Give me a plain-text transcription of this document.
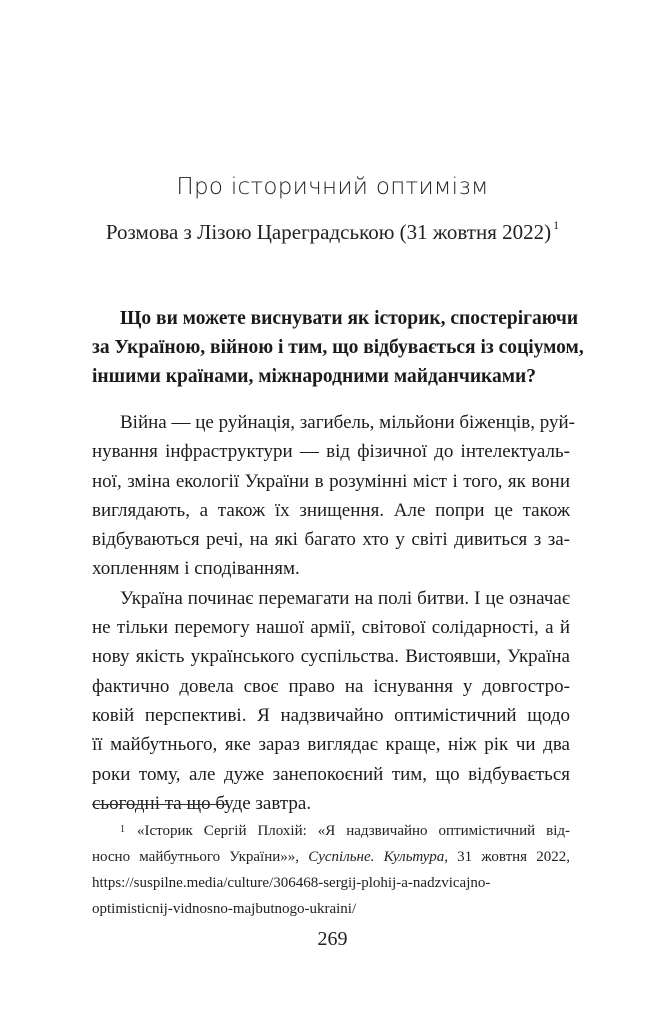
Про історичний оптимізм
Розмова з Лізою Цареградською (31 жовтня 2022) $^1$
Що ви можете виснувати як історик, спостерігаючи
за Україною, війною і тим, що відбувається із соціумом,
іншими країнами, міжнародними майданчиками?
Війна — це руйнація, загибель, мільйони біженців, руй-
нування інфраструктури — від фізичної до інтелектуаль-
ної, зміна екології України в розумінні міст і того, як вони
виглядають, а також їх знищення. Але попри це також
відбуваються речі, на які багато хто у світі дивиться з за-
хопленням і сподіванням.
Україна починає перемагати на полі битви. І це означає
не тільки перемогу нашої армії, світової солідарності, а й
нову якість українського суспільства. Вистоявши, Україна
фактично довела своє право на існування у довгостро-
ковій перспективі. Я надзвичайно оптимістичний щодо
її майбутнього, яке зараз виглядає краще, ніж рік чи два
роки тому, але дуже занепокоєний тим, що відбувається
сьогодні та що буде завтра.
$^1$ «Історик Сергій Плохій: «Я надзвичайно оптимістичний від-
носно майбутнього України»», Суспільне. Культура, 31 жовтня 2022,
https://suspilne.media/culture/306468-sergij-plohij-a-nadzvicajno-
optimisticnij-vidnosno-majbutnogo-ukraini/
269
